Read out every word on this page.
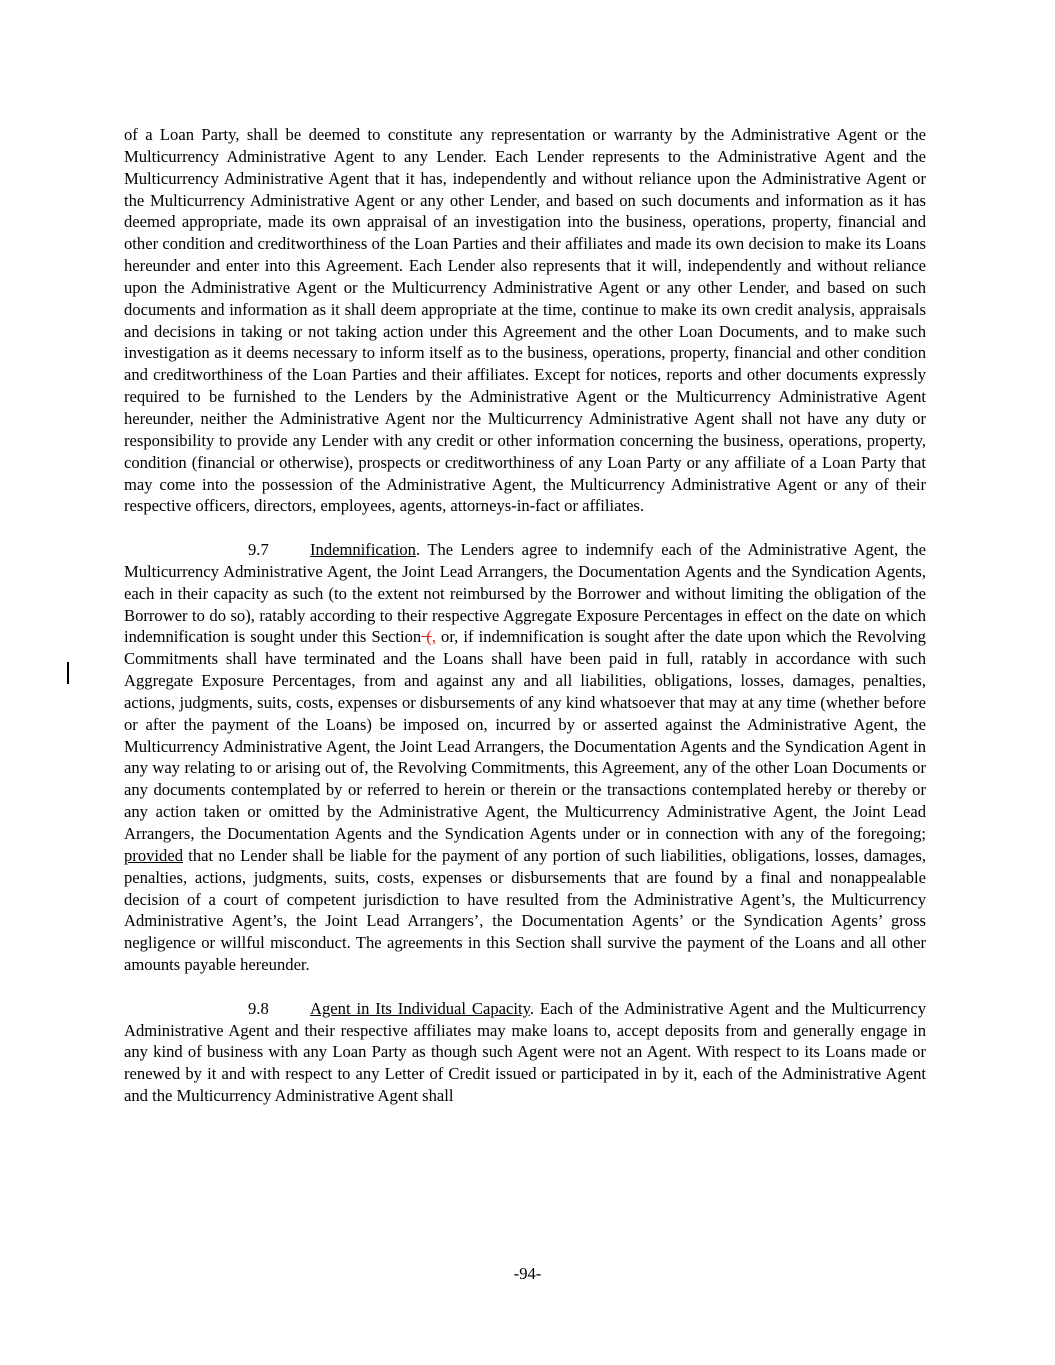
of a Loan Party, shall be deemed to constitute any representation or warranty by the Administrative Agent or the Multicurrency Administrative Agent to any Lender. Each Lender represents to the Administrative Agent and the Multicurrency Administrative Agent that it has, independently and without reliance upon the Administrative Agent or the Multicurrency Administrative Agent or any other Lender, and based on such documents and information as it has deemed appropriate, made its own appraisal of an investigation into the business, operations, property, financial and other condition and creditworthiness of the Loan Parties and their affiliates and made its own decision to make its Loans hereunder and enter into this Agreement. Each Lender also represents that it will, independently and without reliance upon the Administrative Agent or the Multicurrency Administrative Agent or any other Lender, and based on such documents and information as it shall deem appropriate at the time, continue to make its own credit analysis, appraisals and decisions in taking or not taking action under this Agreement and the other Loan Documents, and to make such investigation as it deems necessary to inform itself as to the business, operations, property, financial and other condition and creditworthiness of the Loan Parties and their affiliates. Except for notices, reports and other documents expressly required to be furnished to the Lenders by the Administrative Agent or the Multicurrency Administrative Agent hereunder, neither the Administrative Agent nor the Multicurrency Administrative Agent shall not have any duty or responsibility to provide any Lender with any credit or other information concerning the business, operations, property, condition (financial or otherwise), prospects or creditworthiness of any Loan Party or any affiliate of a Loan Party that may come into the possession of the Administrative Agent, the Multicurrency Administrative Agent or any of their respective officers, directors, employees, agents, attorneys-in-fact or affiliates.

9.7 Indemnification. The Lenders agree to indemnify each of the Administrative Agent, the Multicurrency Administrative Agent, the Joint Lead Arrangers, the Documentation Agents and the Syndication Agents, each in their capacity as such (to the extent not reimbursed by the Borrower and without limiting the obligation of the Borrower to do so), ratably according to their respective Aggregate Exposure Percentages in effect on the date on which indemnification is sought under this Section (, or, if indemnification is sought after the date upon which the Revolving Commitments shall have terminated and the Loans shall have been paid in full, ratably in accordance with such Aggregate Exposure Percentages, from and against any and all liabilities, obligations, losses, damages, penalties, actions, judgments, suits, costs, expenses or disbursements of any kind whatsoever that may at any time (whether before or after the payment of the Loans) be imposed on, incurred by or asserted against the Administrative Agent, the Multicurrency Administrative Agent, the Joint Lead Arrangers, the Documentation Agents and the Syndication Agent in any way relating to or arising out of, the Revolving Commitments, this Agreement, any of the other Loan Documents or any documents contemplated by or referred to herein or therein or the transactions contemplated hereby or thereby or any action taken or omitted by the Administrative Agent, the Multicurrency Administrative Agent, the Joint Lead Arrangers, the Documentation Agents and the Syndication Agents under or in connection with any of the foregoing; provided that no Lender shall be liable for the payment of any portion of such liabilities, obligations, losses, damages, penalties, actions, judgments, suits, costs, expenses or disbursements that are found by a final and nonappealable decision of a court of competent jurisdiction to have resulted from the Administrative Agent’s, the Multicurrency Administrative Agent’s, the Joint Lead Arrangers’, the Documentation Agents’ or the Syndication Agents’ gross negligence or willful misconduct. The agreements in this Section shall survive the payment of the Loans and all other amounts payable hereunder.

9.8 Agent in Its Individual Capacity. Each of the Administrative Agent and the Multicurrency Administrative Agent and their respective affiliates may make loans to, accept deposits from and generally engage in any kind of business with any Loan Party as though such Agent were not an Agent. With respect to its Loans made or renewed by it and with respect to any Letter of Credit issued or participated in by it, each of the Administrative Agent and the Multicurrency Administrative Agent shall

-94-
